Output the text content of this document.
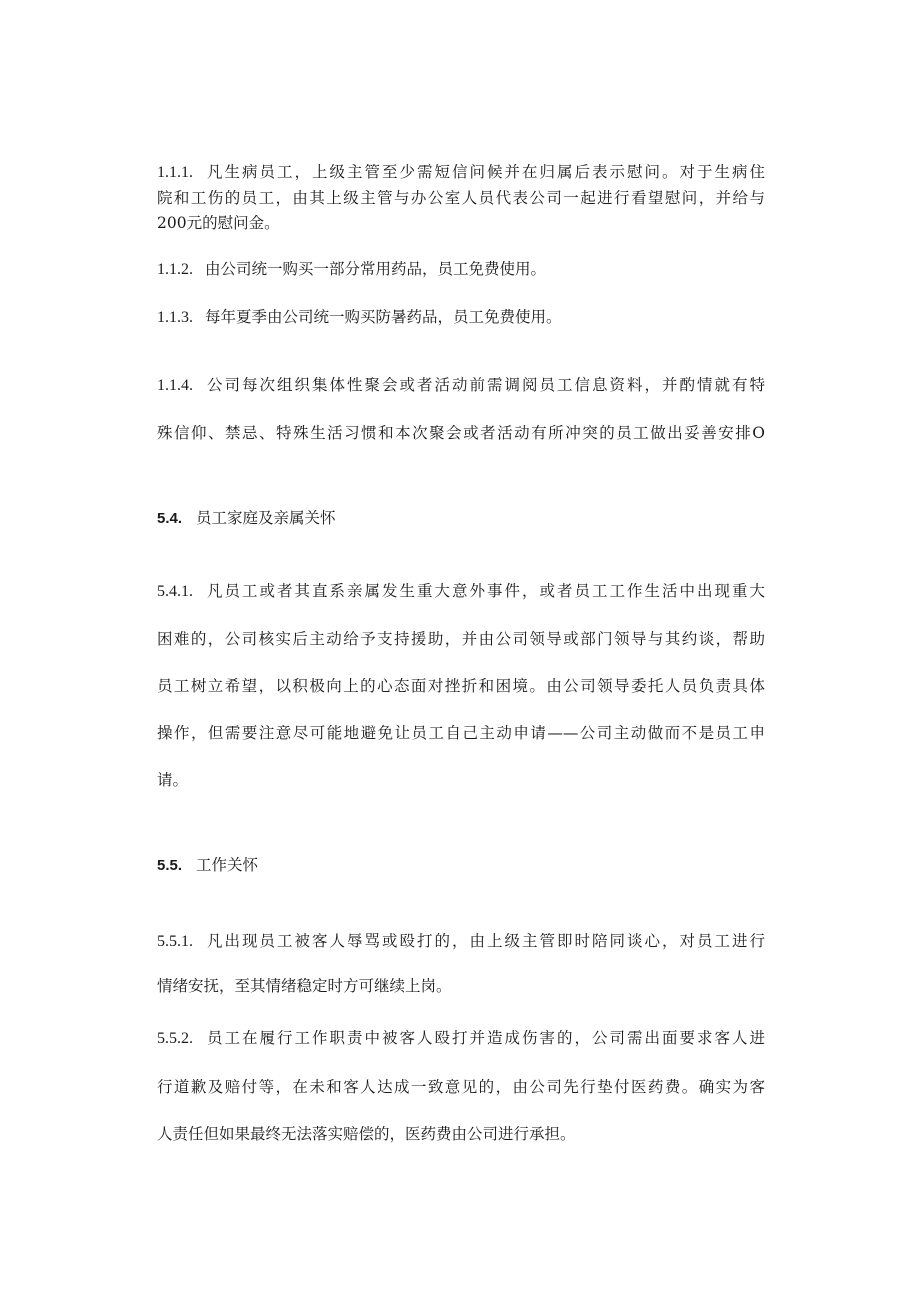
1.1.1. 凡生病员工，上级主管至少需短信问候并在归属后表示慰问。对于生病住
院和工伤的员工，由其上级主管与办公室人员代表公司一起进行看望慰问，并给与
200元的慰问金。
1.1.2. 由公司统一购买一部分常用药品，员工免费使用。
1.1.3. 每年夏季由公司统一购买防暑药品，员工免费使用。
1.1.4. 公司每次组织集体性聚会或者活动前需调阅员工信息资料，并酌情就有特
殊信仰、禁忌、特殊生活习惯和本次聚会或者活动有所冲突的员工做出妥善安排O
5.4. 员工家庭及亲属关怀
5.4.1. 凡员工或者其直系亲属发生重大意外事件，或者员工工作生活中出现重大
困难的，公司核实后主动给予支持援助，并由公司领导或部门领导与其约谈，帮助
员工树立希望，以积极向上的心态面对挫折和困境。由公司领导委托人员负责具体
操作，但需要注意尽可能地避免让员工自己主动申请——公司主动做而不是员工申
请。
5.5. 工作关怀
5.5.1. 凡出现员工被客人辱骂或殴打的，由上级主管即时陪同谈心，对员工进行
情绪安抚，至其情绪稳定时方可继续上岗。
5.5.2. 员工在履行工作职责中被客人殴打并造成伤害的，公司需出面要求客人进
行道歉及赔付等，在未和客人达成一致意见的，由公司先行垫付医药费。确实为客
人责任但如果最终无法落实赔偿的，医药费由公司进行承担。
